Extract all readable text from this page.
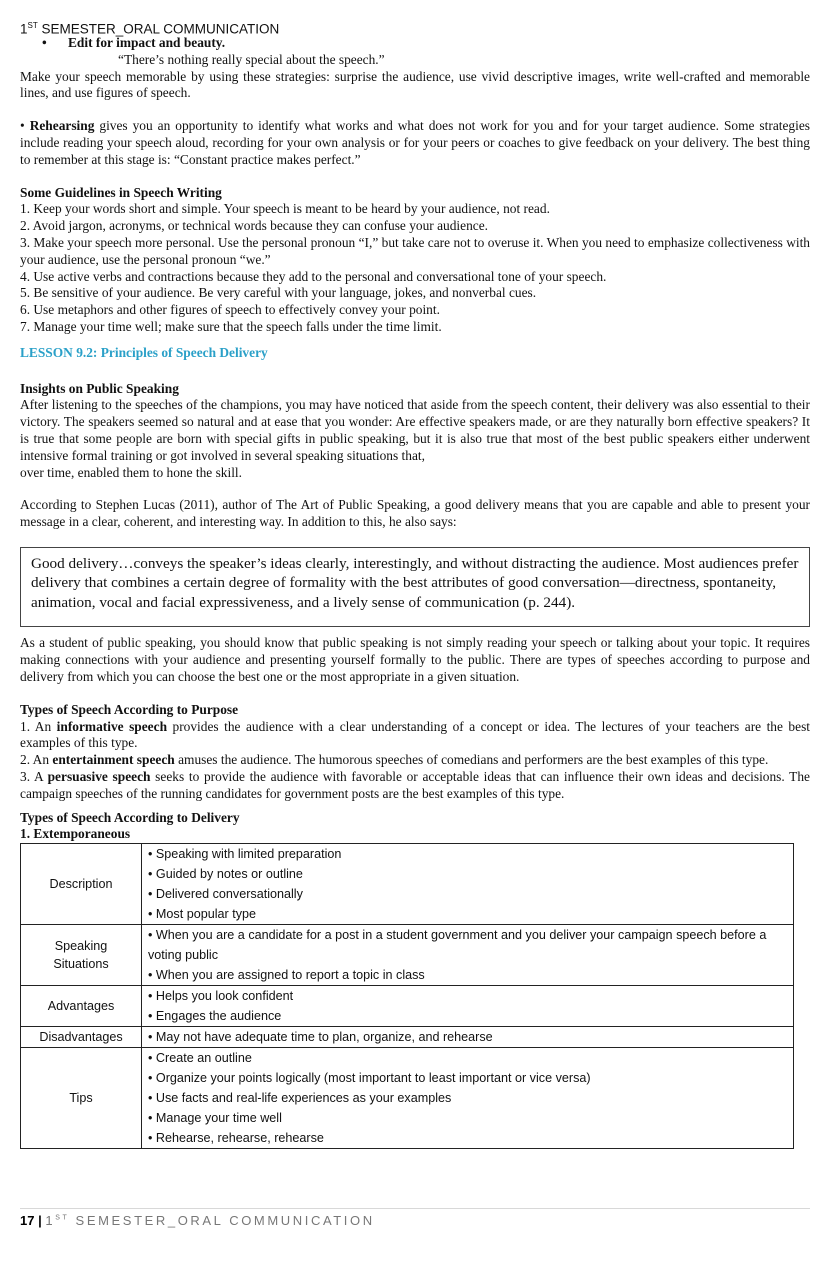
1ST SEMESTER_ORAL COMMUNICATION
• Edit for impact and beauty.
“There’s nothing really special about the speech.”

Make your speech memorable by using these strategies: surprise the audience, use vivid descriptive images, write well-crafted and memorable lines, and use figures of speech.

• Rehearsing gives you an opportunity to identify what works and what does not work for you and for your target audience. Some strategies include reading your speech aloud, recording for your own analysis or for your peers or coaches to give feedback on your delivery. The best thing to remember at this stage is: “Constant practice makes perfect.”

Some Guidelines in Speech Writing

1. Keep your words short and simple. Your speech is meant to be heard by your audience, not read.

2. Avoid jargon, acronyms, or technical words because they can confuse your audience.

3. Make your speech more personal. Use the personal pronoun “I,” but take care not to overuse it. When you need to emphasize collectiveness with your audience, use the personal pronoun “we.”

4. Use active verbs and contractions because they add to the personal and conversational tone of your speech.

5. Be sensitive of your audience. Be very careful with your language, jokes, and nonverbal cues.

6. Use metaphors and other figures of speech to effectively convey your point.

7. Manage your time well; make sure that the speech falls under the time limit.

LESSON 9.2: Principles of Speech Delivery
Insights on Public Speaking

After listening to the speeches of the champions, you may have noticed that aside from the speech content, their delivery was also essential to their victory. The speakers seemed so natural and at ease that you wonder: Are effective speakers made, or are they naturally born effective speakers? It is true that some people are born with special gifts in public speaking, but it is also true that most of the best public speakers either underwent intensive formal training or got involved in several speaking situations that,

over time, enabled them to hone the skill.

According to Stephen Lucas (2011), author of The Art of Public Speaking, a good delivery means that you are capable and able to present your message in a clear, coherent, and interesting way. In addition to this, he also says:

Good delivery…conveys the speaker’s ideas clearly, interestingly, and without distracting the audience. Most audiences prefer delivery that combines a certain degree of formality with the best attributes of good conversation—directness, spontaneity, animation, vocal and facial expressiveness, and a lively sense of communication (p. 244).

As a student of public speaking, you should know that public speaking is not simply reading your speech or talking about your topic. It requires making connections with your audience and presenting yourself formally to the public. There are types of speeches according to purpose and delivery from which you can choose the best one or the most appropriate in a given situation.

Types of Speech According to Purpose

1. An informative speech provides the audience with a clear understanding of a concept or idea. The lectures of your teachers are the best examples of this type.

2. An entertainment speech amuses the audience. The humorous speeches of comedians and performers are the best examples of this type.

3. A persuasive speech seeks to provide the audience with favorable or acceptable ideas that can influence their own ideas and decisions. The campaign speeches of the running candidates for government posts are the best examples of this type.

Types of Speech According to Delivery
1. Extemporaneous
Description	• Speaking with limited preparation
• Guided by notes or outline
• Delivered conversationally
• Most popular type

Speaking
Situations	• When you are a candidate for a post in a student government and you deliver your campaign speech before a voting public
• When you are assigned to report a topic in class

Advantages	• Helps you look confident
• Engages the audience

Disadvantages	• May not have adequate time to plan, organize, and rehearse

Tips	• Create an outline
• Organize your points logically (most important to least important or vice versa)
• Use facts and real-life experiences as your examples
• Manage your time well
• Rehearse, rehearse, rehearse
17 | 1ST SEMESTER_ORAL COMMUNICATION
